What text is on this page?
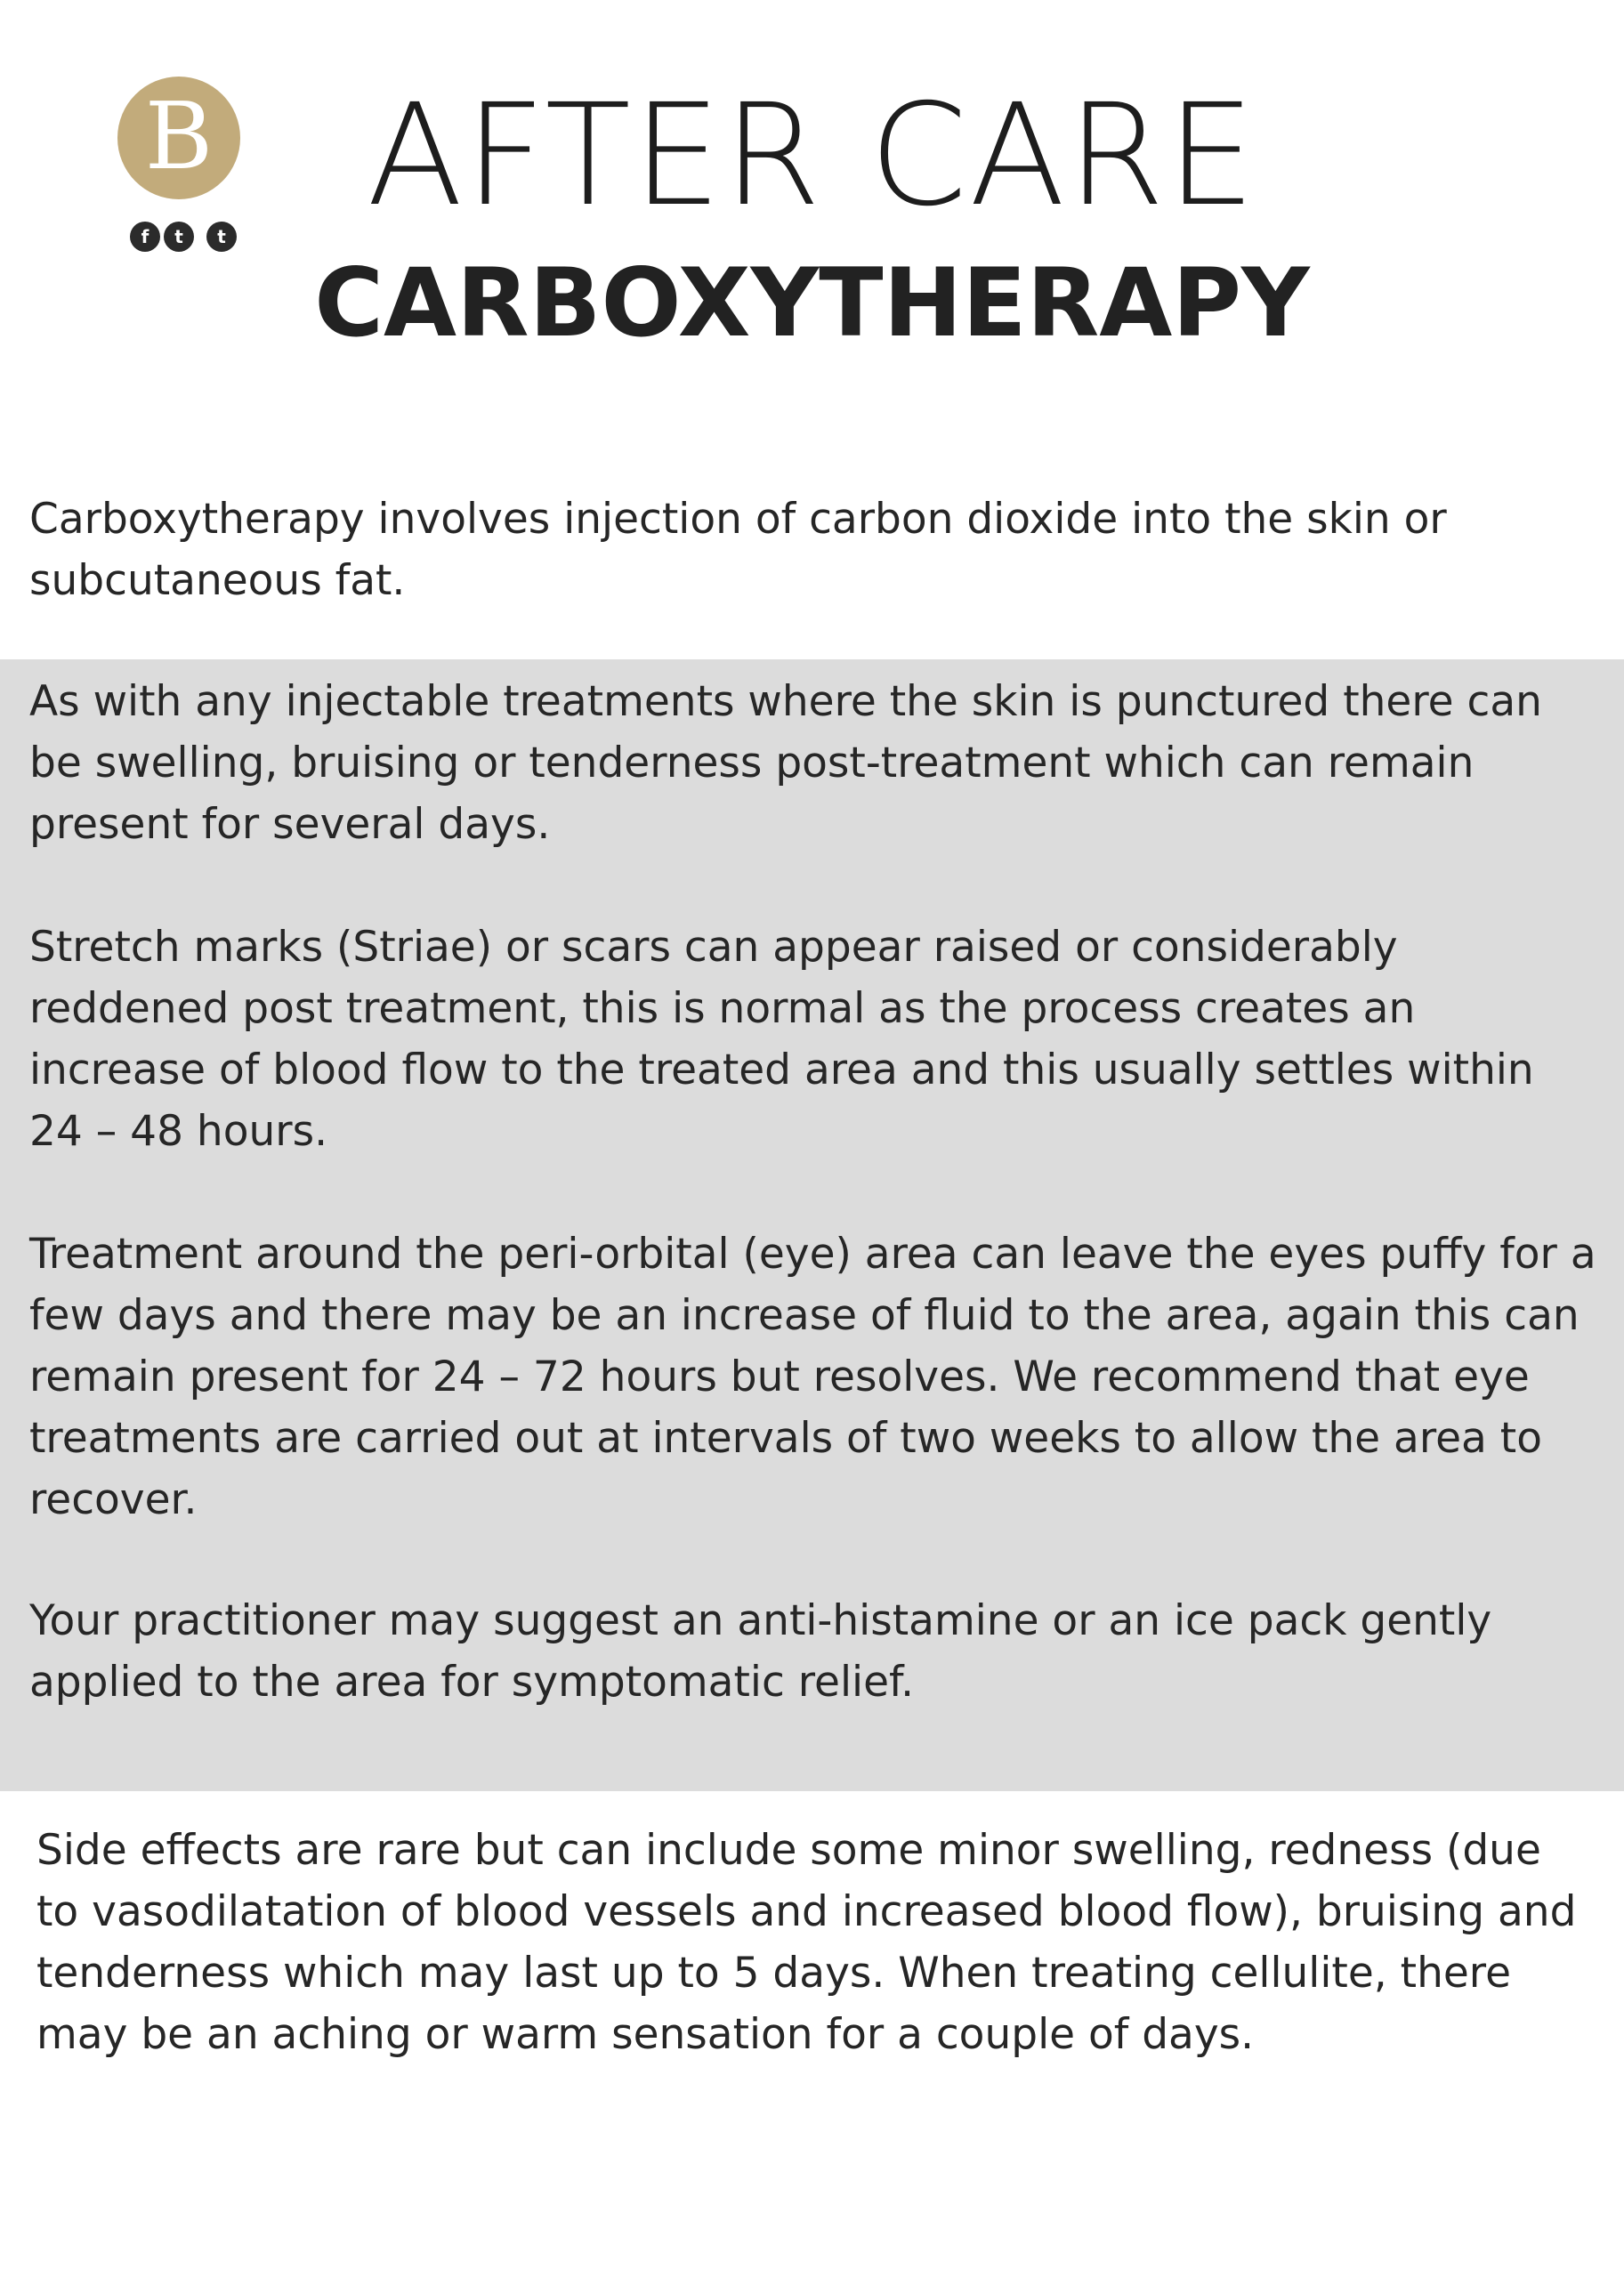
B
f	t	t	AFTER CARE
CARBOXYTHERAPY

Carboxytherapy involves injection of carbon dioxide into the skin or subcutaneous fat.

As with any injectable treatments where the skin is punctured there can be swelling, bruising or tenderness post-treatment which can remain present for several days.

Stretch marks (Striae) or scars can appear raised or considerably reddened post treatment, this is normal as the process creates an increase of blood flow to the treated area and this usually settles within 24 – 48 hours.

Treatment around the peri-orbital (eye) area can leave the eyes puffy for a few days and there may be an increase of fluid to the area, again this can remain present for 24 – 72 hours but resolves. We recommend that eye treatments are carried out at intervals of two weeks to allow the area to recover.

Your practitioner may suggest an anti-histamine or an ice pack gently applied to the area for symptomatic relief.

Side effects are rare but can include some minor swelling, redness (due to vasodilatation of blood vessels and increased blood flow), bruising and tenderness which may last up to 5 days. When treating cellulite, there may be an aching or warm sensation for a couple of days.
